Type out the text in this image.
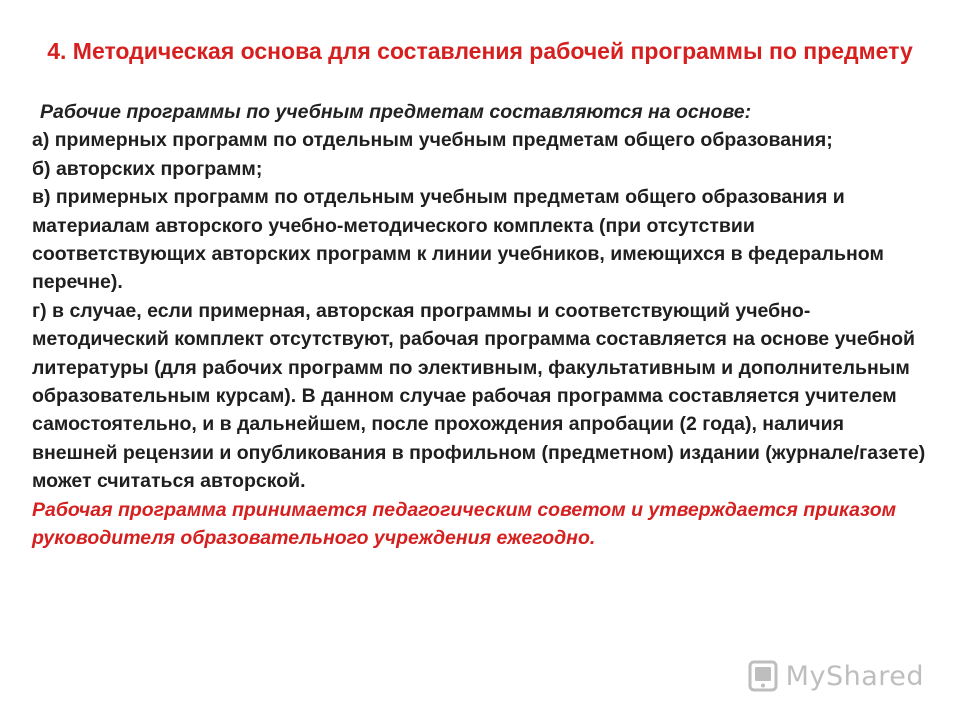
4. Методическая основа для составления рабочей программы по предмету

Рабочие программы по учебным предметам составляются на основе:

а) примерных программ по отдельным учебным предметам общего образования;

б) авторских программ;

в) примерных программ по отдельным учебным предметам общего образования и материалам авторского учебно-методического комплекта (при отсутствии соответствующих авторских программ к линии учебников, имеющихся в федеральном перечне).

г) в случае, если примерная, авторская программы и соответствующий учебно-методический комплект отсутствуют, рабочая программа составляется на основе учебной литературы (для рабочих программ по элективным, факультативным и дополнительным образовательным курсам). В данном случае рабочая программа составляется учителем самостоятельно, и в дальнейшем, после прохождения апробации (2 года), наличия внешней рецензии и опубликования в профильном (предметном) издании (журнале/газете) может считаться авторской.

Рабочая программа принимается педагогическим советом и утверждается приказом руководителя образовательного учреждения ежегодно.

MyShared
